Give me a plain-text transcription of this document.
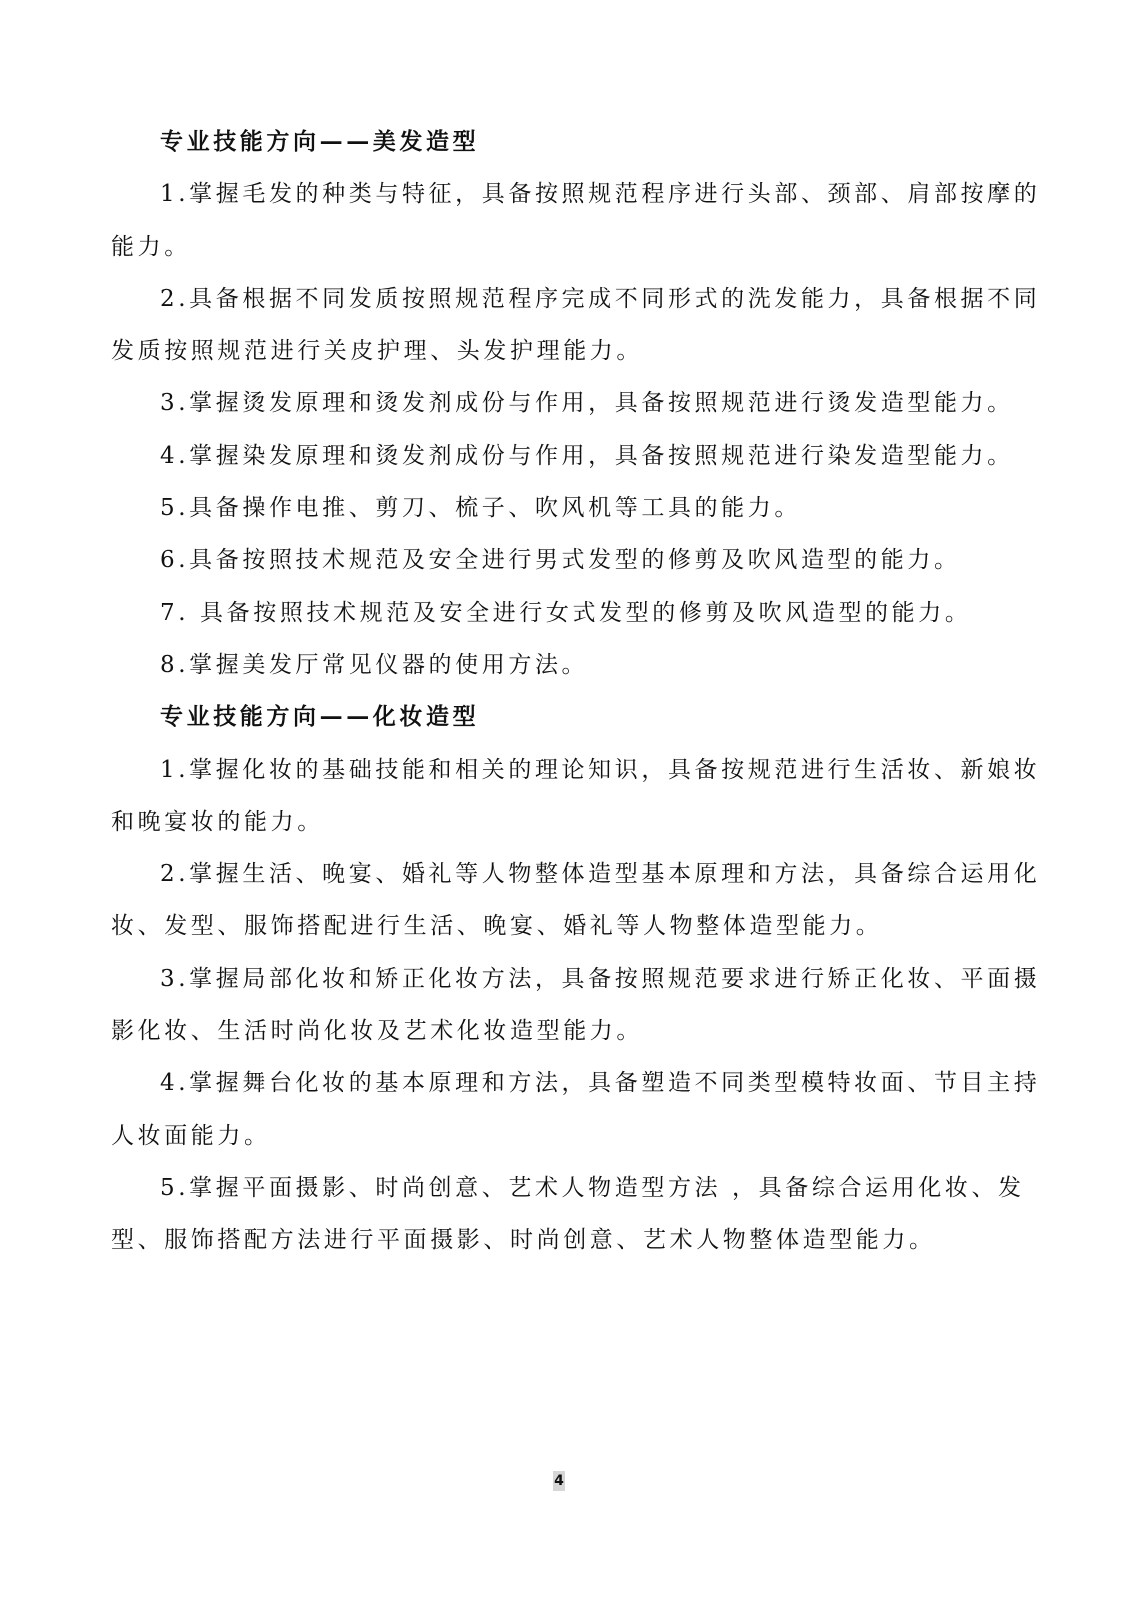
专业技能方向——美发造型
1.掌握毛发的种类与特征，具备按照规范程序进行头部、颈部、肩部按摩的
能力。
2.具备根据不同发质按照规范程序完成不同形式的洗发能力，具备根据不同
发质按照规范进行关皮护理、头发护理能力。
3.掌握烫发原理和烫发剂成份与作用，具备按照规范进行烫发造型能力。
4.掌握染发原理和烫发剂成份与作用，具备按照规范进行染发造型能力。
5.具备操作电推、剪刀、梳子、吹风机等工具的能力。
6.具备按照技术规范及安全进行男式发型的修剪及吹风造型的能力。
7. 具备按照技术规范及安全进行女式发型的修剪及吹风造型的能力。
8.掌握美发厅常见仪器的使用方法。
专业技能方向——化妆造型
1.掌握化妆的基础技能和相关的理论知识，具备按规范进行生活妆、新娘妆
和晚宴妆的能力。
2.掌握生活、晚宴、婚礼等人物整体造型基本原理和方法，具备综合运用化
妆、发型、服饰搭配进行生活、晚宴、婚礼等人物整体造型能力。
3.掌握局部化妆和矫正化妆方法，具备按照规范要求进行矫正化妆、平面摄
影化妆、生活时尚化妆及艺术化妆造型能力。
4.掌握舞台化妆的基本原理和方法，具备塑造不同类型模特妆面、节目主持
人妆面能力。
5.掌握平面摄影、时尚创意、艺术人物造型方法 ，具备综合运用化妆、发
型、服饰搭配方法进行平面摄影、时尚创意、艺术人物整体造型能力。
4
